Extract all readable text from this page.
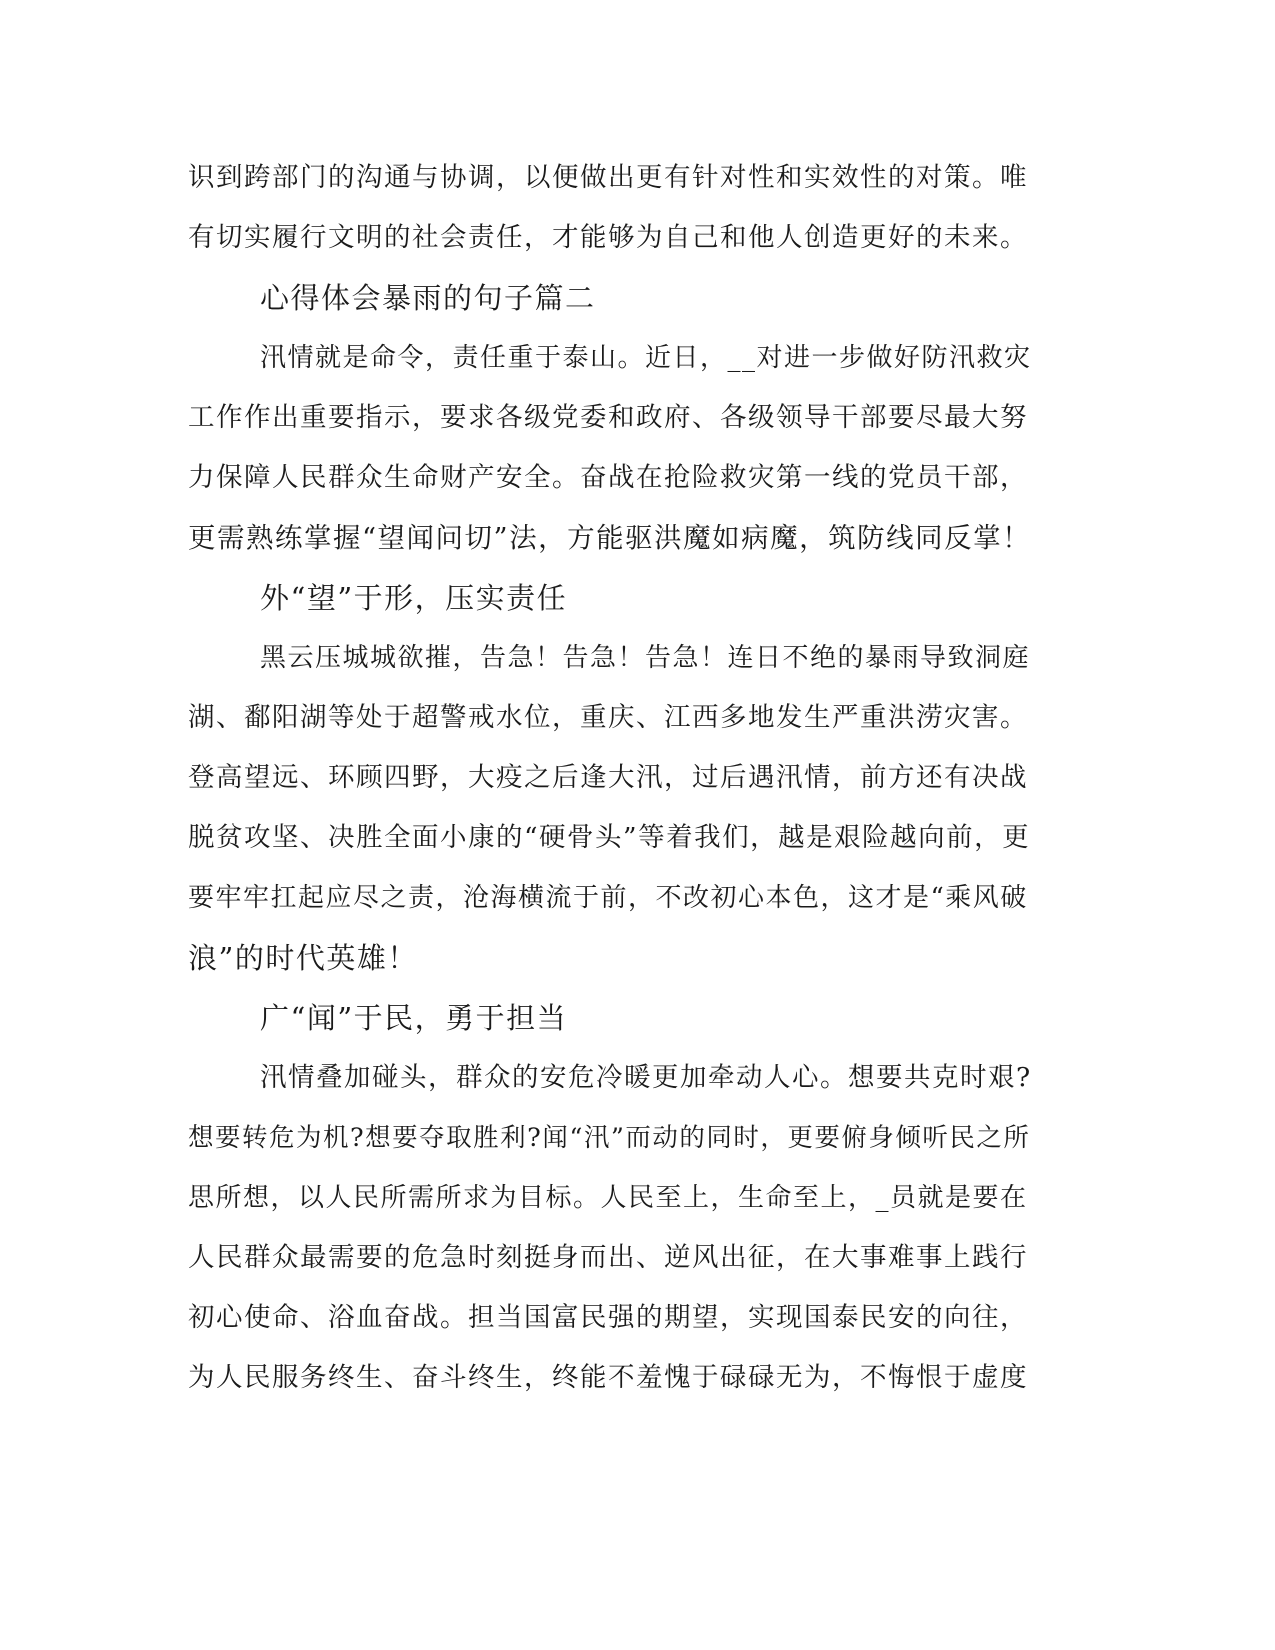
识到跨部门的沟通与协调，以便做出更有针对性和实效性的对策。唯
有切实履行文明的社会责任，才能够为自己和他人创造更好的未来。
心得体会暴雨的句子篇二
汛情就是命令，责任重于泰山。近日，__对进一步做好防汛救灾
工作作出重要指示，要求各级党委和政府、各级领导干部要尽最大努
力保障人民群众生命财产安全。奋战在抢险救灾第一线的党员干部，
更需熟练掌握“望闻问切”法，方能驱洪魔如病魔，筑防线同反掌！
外“望”于形，压实责任
黑云压城城欲摧，告急！告急！告急！连日不绝的暴雨导致洞庭
湖、鄱阳湖等处于超警戒水位，重庆、江西多地发生严重洪涝灾害。
登高望远、环顾四野，大疫之后逢大汛，过后遇汛情，前方还有决战
脱贫攻坚、决胜全面小康的“硬骨头”等着我们，越是艰险越向前，更
要牢牢扛起应尽之责，沧海横流于前，不改初心本色，这才是“乘风破
浪”的时代英雄！
广“闻”于民，勇于担当
汛情叠加碰头，群众的安危冷暖更加牵动人心。想要共克时艰?
想要转危为机?想要夺取胜利?闻“汛”而动的同时，更要俯身倾听民之所
思所想，以人民所需所求为目标。人民至上，生命至上，_员就是要在
人民群众最需要的危急时刻挺身而出、逆风出征，在大事难事上践行
初心使命、浴血奋战。担当国富民强的期望，实现国泰民安的向往，
为人民服务终生、奋斗终生，终能不羞愧于碌碌无为，不悔恨于虚度
